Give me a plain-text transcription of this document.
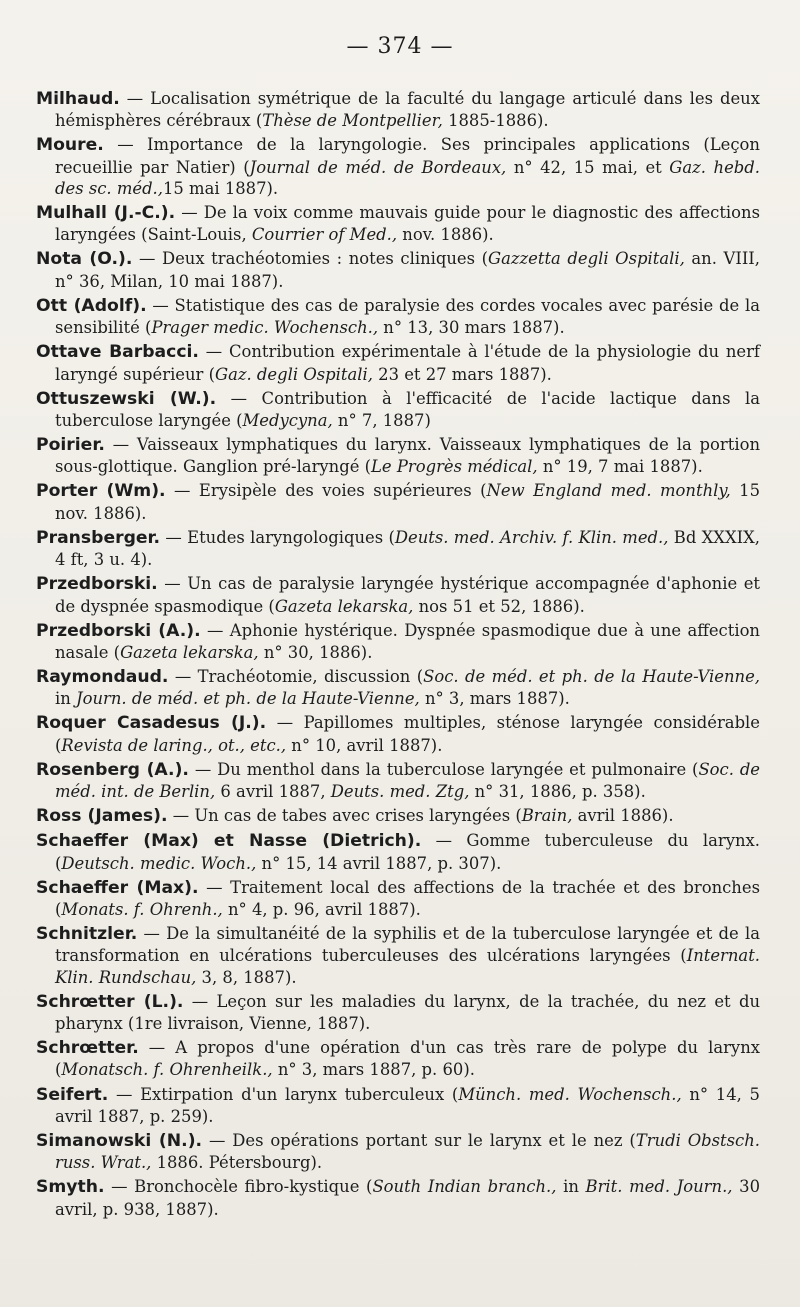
— 374 —

Milhaud. — Localisation symétrique de la faculté du langage articulé dans les deux hémisphères cérébraux (Thèse de Montpellier, 1885-1886).

Moure. — Importance de la laryngologie. Ses principales applications (Leçon recueillie par Natier) (Journal de méd. de Bordeaux, n° 42, 15 mai, et Gaz. hebd. des sc. méd.,15 mai 1887).

Mulhall (J.-C.). — De la voix comme mauvais guide pour le diagnostic des affections laryngées (Saint-Louis, Courrier of Med., nov. 1886).

Nota (O.). — Deux trachéotomies : notes cliniques (Gazzetta degli Ospitali, an. VIII, n° 36, Milan, 10 mai 1887).

Ott (Adolf). — Statistique des cas de paralysie des cordes vocales avec parésie de la sensibilité (Prager medic. Wochensch., n° 13, 30 mars 1887).

Ottave Barbacci. — Contribution expérimentale à l'étude de la physiologie du nerf laryngé supérieur (Gaz. degli Ospitali, 23 et 27 mars 1887).

Ottuszewski (W.). — Contribution à l'efficacité de l'acide lactique dans la tuberculose laryngée (Medycyna, n° 7, 1887)

Poirier. — Vaisseaux lymphatiques du larynx. Vaisseaux lymphatiques de la portion sous-glottique. Ganglion pré-laryngé (Le Progrès médical, n° 19, 7 mai 1887).

Porter (Wm). — Erysipèle des voies supérieures (New England med. monthly, 15 nov. 1886).

Pransberger. — Etudes laryngologiques (Deuts. med. Archiv. f. Klin. med., Bd XXXIX, 4 ft, 3 u. 4).

Przedborski. — Un cas de paralysie laryngée hystérique accompagnée d'aphonie et de dyspnée spasmodique (Gazeta lekarska, nos 51 et 52, 1886).

Przedborski (A.). — Aphonie hystérique. Dyspnée spasmodique due à une affection nasale (Gazeta lekarska, n° 30, 1886).

Raymondaud. — Trachéotomie, discussion (Soc. de méd. et ph. de la Haute-Vienne, in Journ. de méd. et ph. de la Haute-Vienne, n° 3, mars 1887).

Roquer Casadesus (J.). — Papillomes multiples, sténose laryngée considérable (Revista de laring., ot., etc., n° 10, avril 1887).

Rosenberg (A.). — Du menthol dans la tuberculose laryngée et pulmonaire (Soc. de méd. int. de Berlin, 6 avril 1887, Deuts. med. Ztg, n° 31, 1886, p. 358).

Ross (James). — Un cas de tabes avec crises laryngées (Brain, avril 1886).

Schaeffer (Max) et Nasse (Dietrich). — Gomme tuberculeuse du larynx. (Deutsch. medic. Woch., n° 15, 14 avril 1887, p. 307).

Schaeffer (Max). — Traitement local des affections de la trachée et des bronches (Monats. f. Ohrenh., n° 4, p. 96, avril 1887).

Schnitzler. — De la simultanéité de la syphilis et de la tuberculose laryngée et de la transformation en ulcérations tuberculeuses des ulcérations laryngées (Internat. Klin. Rundschau, 3, 8, 1887).

Schrœtter (L.). — Leçon sur les maladies du larynx, de la trachée, du nez et du pharynx (1re livraison, Vienne, 1887).

Schrœtter. — A propos d'une opération d'un cas très rare de polype du larynx (Monatsch. f. Ohrenheilk., n° 3, mars 1887, p. 60).

Seifert. — Extirpation d'un larynx tuberculeux (Münch. med. Wochensch., n° 14, 5 avril 1887, p. 259).

Simanowski (N.). — Des opérations portant sur le larynx et le nez (Trudi Obstsch. russ. Wrat., 1886. Pétersbourg).

Smyth. — Bronchocèle fibro-kystique (South Indian branch., in Brit. med. Journ., 30 avril, p. 938, 1887).
